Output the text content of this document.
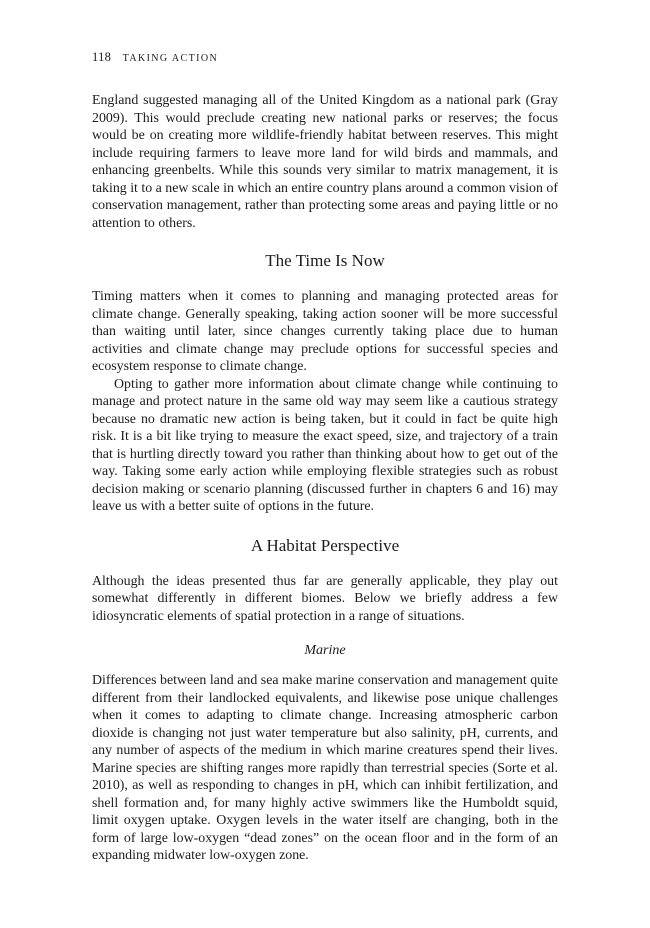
118 TAKING ACTION

England suggested managing all of the United Kingdom as a national park (Gray 2009). This would preclude creating new national parks or reserves; the focus would be on creating more wildlife-friendly habitat between reserves. This might include requiring farmers to leave more land for wild birds and mammals, and enhancing greenbelts. While this sounds very similar to matrix management, it is taking it to a new scale in which an entire country plans around a common vision of conservation management, rather than protecting some areas and paying little or no attention to others.

The Time Is Now

Timing matters when it comes to planning and managing protected areas for climate change. Generally speaking, taking action sooner will be more successful than waiting until later, since changes currently taking place due to human activities and climate change may preclude options for successful species and ecosystem response to climate change.

Opting to gather more information about climate change while continuing to manage and protect nature in the same old way may seem like a cautious strategy because no dramatic new action is being taken, but it could in fact be quite high risk. It is a bit like trying to measure the exact speed, size, and trajectory of a train that is hurtling directly toward you rather than thinking about how to get out of the way. Taking some early action while employing flexible strategies such as robust decision making or scenario planning (discussed further in chapters 6 and 16) may leave us with a better suite of options in the future.

A Habitat Perspective

Although the ideas presented thus far are generally applicable, they play out somewhat differently in different biomes. Below we briefly address a few idiosyncratic elements of spatial protection in a range of situations.

Marine

Differences between land and sea make marine conservation and management quite different from their landlocked equivalents, and likewise pose unique challenges when it comes to adapting to climate change. Increasing atmospheric carbon dioxide is changing not just water temperature but also salinity, pH, currents, and any number of aspects of the medium in which marine creatures spend their lives. Marine species are shifting ranges more rapidly than terrestrial species (Sorte et al. 2010), as well as responding to changes in pH, which can inhibit fertilization, and shell formation and, for many highly active swimmers like the Humboldt squid, limit oxygen uptake. Oxygen levels in the water itself are changing, both in the form of large low-oxygen “dead zones” on the ocean floor and in the form of an expanding midwater low-oxygen zone.
